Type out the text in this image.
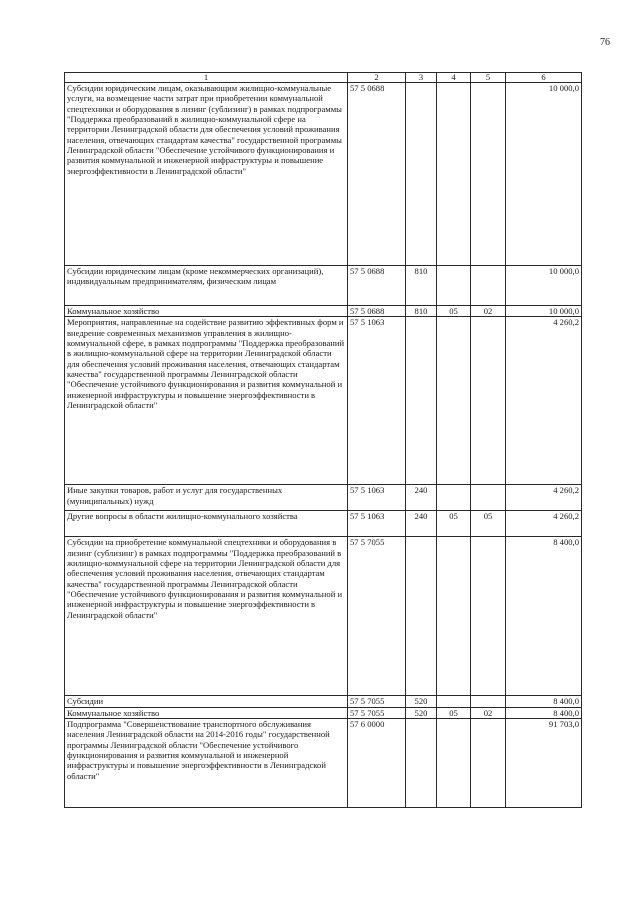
76
1	2	3	4	5	6
Субсидии юридическим лицам, оказывающим жилищно-коммунальные услуги, на возмещение части затрат при приобретении коммунальной спецтехники и оборудования в лизинг (сублизинг) в рамках подпрограммы "Поддержка преобразований в жилищно-коммунальной сфере на территории Ленинградской области для обеспечения условий проживания населения, отвечающих стандартам качества" государственной программы Ленинградской области "Обеспечение устойчивого функционирования и развития коммунальной и инженерной инфраструктуры и повышение энергоэффективности в Ленинградской области"	57 5 0688				10 000,0
Субсидии юридическим лицам (кроме некоммерческих организаций), индивидуальным предпринимателям, физическим лицам	57 5 0688	810			10 000,0
Коммунальное хозяйство	57 5 0688	810	05	02	10 000,0
Мероприятия, направленные на содействие развитию эффективных форм и внедрение современных механизмов управления в жилищно-коммунальной сфере, в рамках подпрограммы "Поддержка преобразований в жилищно-коммунальной сфере на территории Ленинградской области для обеспечения условий проживания населения, отвечающих стандартам качества" государственной программы Ленинградской области "Обеспечение устойчивого функционирования и развития коммунальной и инженерной инфраструктуры и повышение энергоэффективности в Ленинградской области"	57 5 1063				4 260,2
Иные закупки товаров, работ и услуг для государственных (муниципальных) нужд	57 5 1063	240			4 260,2
Другие вопросы в области жилищно-коммунального хозяйства	57 5 1063	240	05	05	4 260,2
Субсидии на приобретение коммунальной спецтехники и оборудования в лизинг (сублизинг) в рамках подпрограммы "Поддержка преобразований в жилищно-коммунальной сфере на территории Ленинградской области для обеспечения условий проживания населения, отвечающих стандартам качества" государственной программы Ленинградской области "Обеспечение устойчивого функционирования и развития коммунальной и инженерной инфраструктуры и повышение энергоэффективности в Ленинградской области"	57 5 7055				8 400,0
Субсидии	57 5 7055	520			8 400,0
Коммунальное хозяйство	57 5 7055	520	05	02	8 400,0
Подпрограмма "Совершенствование транспортного обслуживания населения Ленинградской области на 2014-2016 годы" государственной программы Ленинградской области "Обеспечение устойчивого функционирования и развития коммунальной и инженерной инфраструктуры и повышение энергоэффективности в Ленинградской области"	57 6 0000				91 703,0
